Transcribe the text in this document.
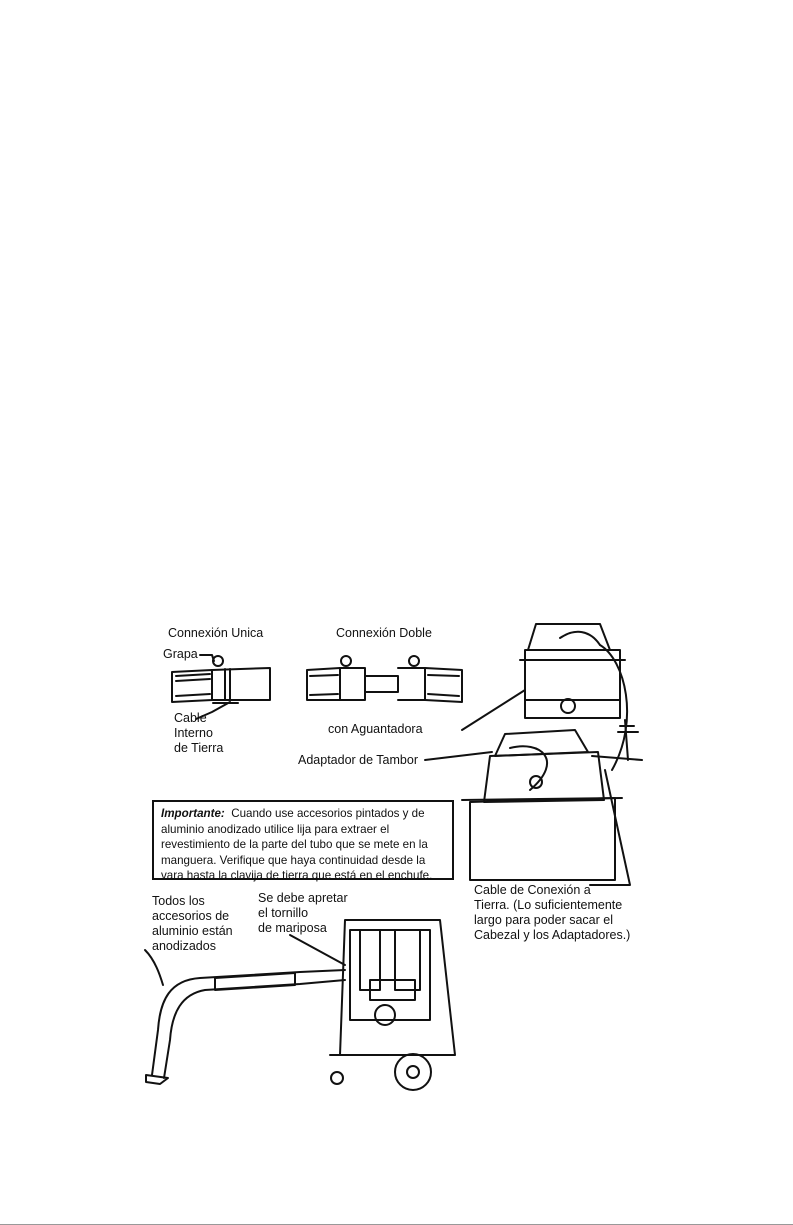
Connexión Unica	Connexión Doble
Grapa
Cable
Interno
de Tierra
con Aguantadora
Adaptador de Tambor
Importante: Cuando use accesorios pintados y de
aluminio anodizado utilice lija para extraer el
revestimiento de la parte del tubo que se mete en la
manguera. Verifique que haya continuidad desde la
vara hasta la clavija de tierra que está en el enchufe.
Cable de Conexión a
Tierra. (Lo suficientemente
largo para poder sacar el
Cabezal y los Adaptadores.)
Todos los
accesorios de
aluminio están
anodizados
Se debe apretar
el tornillo
de mariposa
